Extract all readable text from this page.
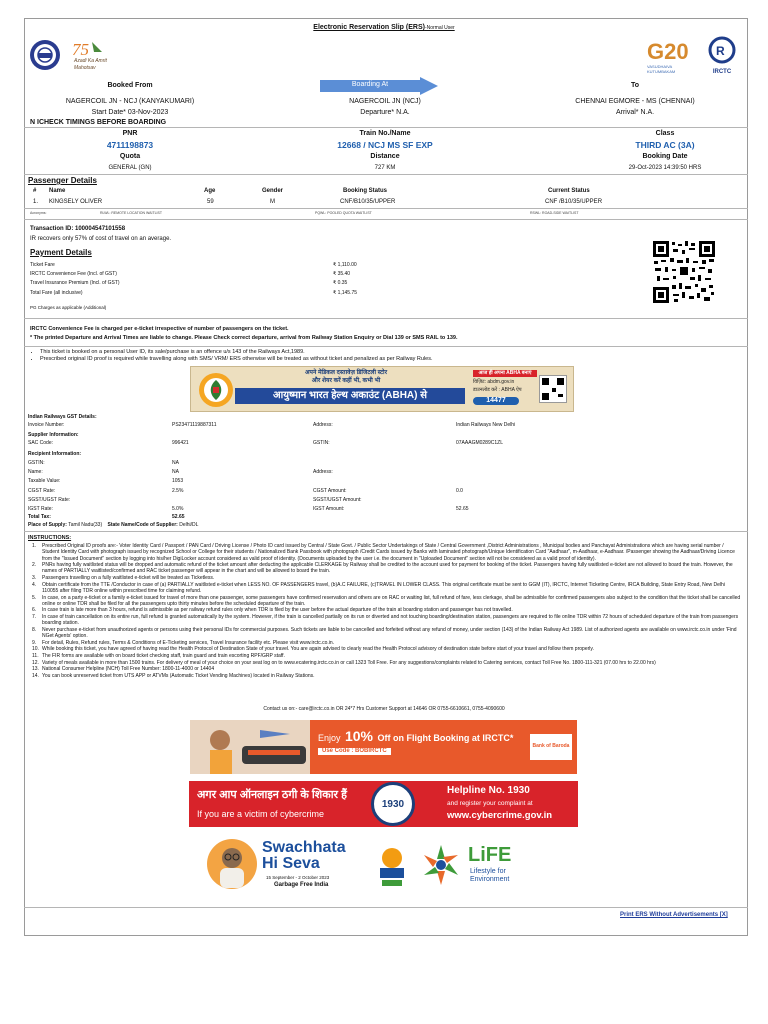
Electronic Reservation Slip (ERS)-Normal User
75
Azadi Ka Amrit Mahotsav
G20
VASUDHAIVA KUTUMBAKAM
R
IRCTC
Booked From	Boarding At	To
NAGERCOIL JN - NCJ (KANYAKUMARI)	NAGERCOIL JN (NCJ)	CHENNAI EGMORE - MS (CHENNAI)
Start Date* 03-Nov-2023	Departure* N.A.	Arrival* N.A.
N ICHECK TIMINGS BEFORE BOARDING
PNR	Train No./Name	Class
4711198873	12668 / NCJ MS SF EXP	THIRD AC (3A)
Quota	Distance	Booking Date
GENERAL (GN)	727 KM	29-Oct-2023 14:39:50 HRS
Passenger Details
# Name	Age	Gender	Booking Status	Current Status
1. KINGSELY OLIVER	59	M	CNF/B10/35/UPPER	CNF /B10/35/UPPER
Acronyms:	RLWL: REMOTE LOCATION WAITLIST	PQWL: POOLED QUOTA WAITLIST	RSWL: ROAD-SIDE WAITLIST
Transaction ID: 100004547101558
IR recovers only 57% of cost of travel on an average.
Payment Details
Ticket Fare	₹ 1,110.00
IRCTC Convenience Fee (Incl. of GST)	₹ 35.40
Travel Insurance Premium (Incl. of GST)	₹ 0.35
Total Fare (all inclusive)	₹ 1,145.75
PG Charges as applicable (Additional)
IRCTC Convenience Fee is charged per e-ticket irrespective of number of passengers on the ticket.
* The printed Departure and Arrival Times are liable to change. Please Check correct departure, arrival from Railway Station Enquiry or Dial 139 or SMS RAIL to 139.
• This ticket is booked on a personal User ID, its sale/purchase is an offence u/s 143 of the Railways Act,1989.
• Prescribed original ID proof is required while travelling along with SMS/ VRM/ ERS otherwise will be treated as without ticket and penalized as per Railway Rules.
अपने मेडिकल दस्तावेज़ डिजिटली स्टोर
और शेयर करें कहीं भी, कभी भी
आयुष्मान भारत हेल्थ अकाउंट (ABHA) से
आज ही अपना ABHA बनाएं
विज़िट: abdm.gov.in
डाउनलोड करें : ABHA ऐप
14477
Indian Railways GST Details:
Invoice Number:	PS23471119887311	Address:	Indian Railways New Delhi
Supplier Information:
SAC Code:	996421	GSTIN:	07AAAGM0289C1ZL
Recipient Information:
GSTIN:	NA
Name:	NA	Address:
Taxable Value:	1053
CGST Rate:	2.5%	CGST Amount:	0.0
SGST/UGST Rate:	SGST/UGST Amount:
IGST Rate:	5.0%	IGST Amount:	52.65
Total Tax:	52.65
Place of Supply: Tamil Nadu(33) State Name/Code of Supplier: Delhi/DL
INSTRUCTIONS:
1. Prescribed Original ID proofs are:- Voter Identity Card / Passport / PAN Card / Driving License / Photo ID card issued by Central / State Govt. / Public Sector Undertakings of State / Central Government ,District Administrations , Municipal bodies and Panchayat Administrations which are having serial number / Student Identity Card with photograph issued by recognized School or College for their students / Nationalized Bank Passbook with photograph /Credit Cards issued by Banks with laminated photograph/Unique Identification Card "Aadhaar", m-Aadhaar, e-Aadhaar. /Passenger showing the Aadhaar/Driving Licence from the "Issued Document" section by logging into his/her DigiLocker account considered as valid proof of identity. (Documents uploaded by the user i.e. the document in "Uploaded Document" section will not be considered as a valid proof of identity).
2. PNRs having fully waitlisted status will be dropped and automatic refund of the ticket amount after deducting the applicable CLERKAGE by Railway shall be credited to the account used for payment for booking of the ticket. Passengers having fully waitlisted e-ticket are not allowed to board the train. However, the names of PARTIALLY waitlisted/confirmed and RAC ticket passenger will appear in the chart and will be allowed to board the train.
3. Passengers travelling on a fully waitlisted e-ticket will be treated as Ticketless.
4. Obtain certificate from the TTE /Conductor in case of (a) PARTIALLY waitlisted e-ticket when LESS NO. OF PASSENGERS travel, (b)A.C FAILURE, (c)TRAVEL IN LOWER CLASS. This original certificate must be sent to GGM (IT), IRCTC, Internet Ticketing Centre, IRCA Building, State Entry Road, New Delhi 110055 after filing TDR online within prescribed time for claiming refund.
5. In case, on a party e-ticket or a family e-ticket issued for travel of more than one passenger, some passengers have confirmed reservation and others are on RAC or waiting list, full refund of fare, less clerkage, shall be admissible for confirmed passengers also subject to the condition that the ticket shall be cancelled online or online TDR shall be filed for all the passengers upto thirty minutes before the scheduled departure of the train.
6. In case train is late more than 3 hours, refund is admissible as per railway refund rules only when TDR is filed by the user before the actual departure of the train at boarding station and passenger has not travelled.
7. In case of train cancellation on its entire run, full refund is granted automatically by the system. However, if the train is cancelled partially on its run or diverted and not touching boarding/destination station, passengers are required to file online TDR within 72 hours of scheduled departure of the train from passengers boarding station.
8. Never purchase e-ticket from unauthorized agents or persons using their personal IDs for commercial purposes. Such tickets are liable to be cancelled and forfeited without any refund of money, under section (143) of the Indian Railway Act 1989. List of authorized agents are available on www.irctc.co.in under 'Find NGet Agents' option.
9. For detail, Rules, Refund rules, Terms & Conditions of E-Ticketing services, Travel Insurance facility etc. Please visit www.irctc.co.in.
10. While booking this ticket, you have agreed of having read the Health Protocol of Destination State of your travel. You are again advised to clearly read the Health Protocol advisory of destination state before start of your travel and follow them properly.
11. The FIR forms are available with on board ticket checking staff, train guard and train escorting RPF/GRP staff.
12. Variety of meals available in more than 1500 trains. For delivery of meal of your choice on your seat log on to www.ecatering.irctc.co.in or call 1323 Toll Free. For any suggestions/complaints related to Catering services, contact Toll Free No. 1800-111-321 (07.00 hrs to 22.00 hrs)
13. National Consumer Helpline (NCH) Toll Free Number: 1800-11-4000 or 14404
14. You can book unreserved ticket from UTS APP or ATVMs (Automatic Ticket Vending Machines) located in Railway Stations.
Contact us on:- care@irctc.co.in OR 24*7 Hrs Customer Support at 14646 OR 0755-6610661, 0755-4090600
Enjoy 10% Off on Flight Booking at IRCTC*
Use Code : BOBIRCTC
Bank of Baroda
अगर आप ऑनलाइन ठगी के शिकार हैं
If you are a victim of cybercrime
1930
Helpline No. 1930
and register your complaint at
www.cybercrime.gov.in
Swachhata
Hi Seva
15 September - 2 October 2023
Garbage Free India
LiFE
Lifestyle for
Environment
Print ERS Without Advertisements [X]
